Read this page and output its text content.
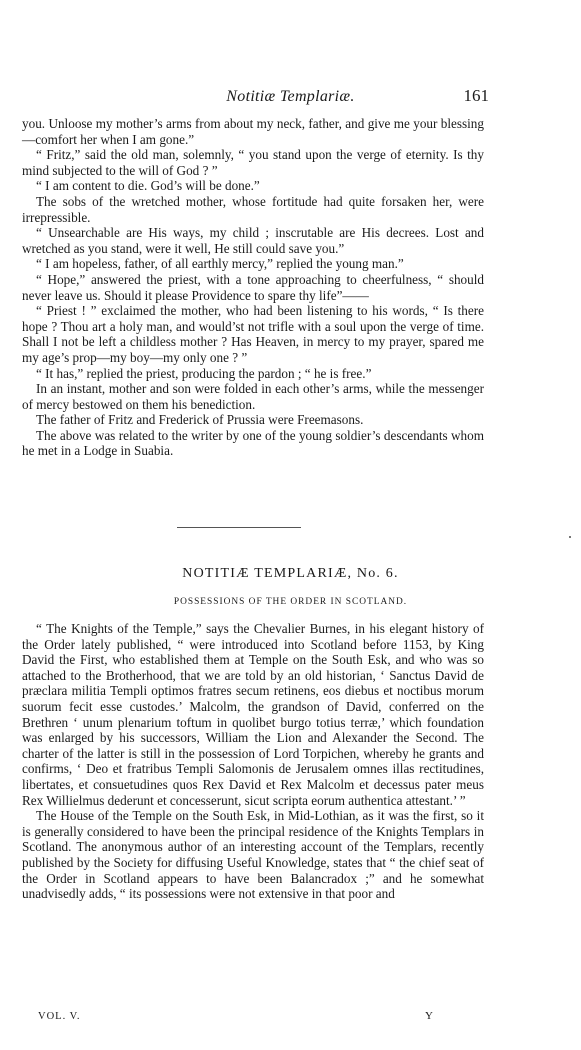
Notitiæ Templariæ.	161

you. Unloose my mother’s arms from about my neck, father, and give me your blessing—comfort her when I am gone.”

“ Fritz,” said the old man, solemnly, “ you stand upon the verge of eternity. Is thy mind subjected to the will of God ? ”

“ I am content to die. God’s will be done.”

The sobs of the wretched mother, whose fortitude had quite forsaken her, were irrepressible.

“ Unsearchable are His ways, my child ; inscrutable are His decrees. Lost and wretched as you stand, were it well, He still could save you.”

“ I am hopeless, father, of all earthly mercy,” replied the young man.”

“ Hope,” answered the priest, with a tone approaching to cheerfulness, “ should never leave us. Should it please Providence to spare thy life”——

“ Priest ! ” exclaimed the mother, who had been listening to his words, “ Is there hope ? Thou art a holy man, and would’st not trifle with a soul upon the verge of time. Shall I not be left a childless mother ? Has Heaven, in mercy to my prayer, spared me my age’s prop—my boy—my only one ? ”

“ It has,” replied the priest, producing the pardon ; “ he is free.”

In an instant, mother and son were folded in each other’s arms, while the messenger of mercy bestowed on them his benediction.

The father of Fritz and Frederick of Prussia were Freemasons.

The above was related to the writer by one of the young soldier’s descendants whom he met in a Lodge in Suabia.

NOTITIÆ TEMPLARIÆ, No. 6.
POSSESSIONS OF THE ORDER IN SCOTLAND.

“ The Knights of the Temple,” says the Chevalier Burnes, in his elegant history of the Order lately published, “ were introduced into Scotland before 1153, by King David the First, who established them at Temple on the South Esk, and who was so attached to the Brotherhood, that we are told by an old historian, ‘ Sanctus David de præclara militia Templi optimos fratres secum retinens, eos diebus et noctibus morum suorum fecit esse custodes.’ Malcolm, the grandson of David, conferred on the Brethren ‘ unum plenarium toftum in quolibet burgo totius terræ,’ which foundation was enlarged by his successors, William the Lion and Alexander the Second. The charter of the latter is still in the possession of Lord Torpichen, whereby he grants and confirms, ‘ Deo et fratribus Templi Salomonis de Jerusalem omnes illas rectitudines, libertates, et consuetudines quos Rex David et Rex Malcolm et decessus pater meus Rex Willielmus dederunt et concesserunt, sicut scripta eorum authentica attestant.’ ”

The House of the Temple on the South Esk, in Mid-Lothian, as it was the first, so it is generally considered to have been the principal residence of the Knights Templars in Scotland. The anonymous author of an interesting account of the Templars, recently published by the Society for diffusing Useful Knowledge, states that “ the chief seat of the Order in Scotland appears to have been Balancradox ;” and he somewhat unadvisedly adds, “ its possessions were not extensive in that poor and

VOL. V.	Y
